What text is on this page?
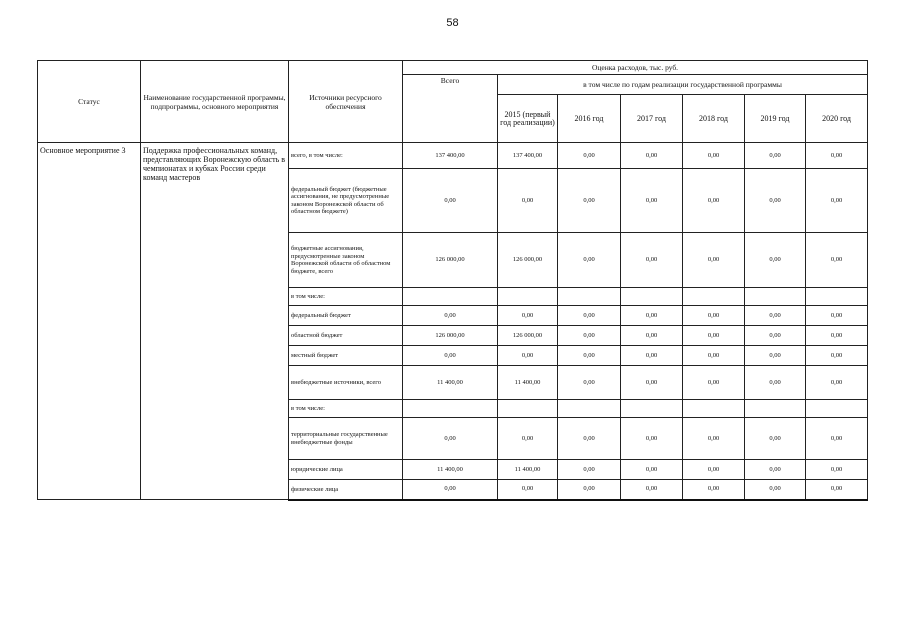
58
Статус	Наименование государственной программы, подпрограммы, основного мероприятия	Источники ресурсного обеспечения	Оценка расходов, тыс. руб.						
			Всего	в том числе по годам реализации государственной программы					
				2015 (первый год реализации)	2016 год	2017 год	2018 год	2019 год	2020 год
Основное мероприятие 3	Поддержка профессиональных команд, представляющих Воронежскую область в чемпионатах и кубках России среди команд мастеров	всего, в том числе:	137 400,00	137 400,00	0,00	0,00	0,00	0,00	0,00
		федеральный бюджет (бюджетные ассигнования, не предусмотренные законом Воронежской области об областном бюджете)	0,00	0,00	0,00	0,00	0,00	0,00	0,00
		бюджетные ассигнования, предусмотренные законом Воронежской области об областном бюджете, всего	126 000,00	126 000,00	0,00	0,00	0,00	0,00	0,00
		в том числе:							
		федеральный бюджет	0,00	0,00	0,00	0,00	0,00	0,00	0,00
		областной бюджет	126 000,00	126 000,00	0,00	0,00	0,00	0,00	0,00
		местный бюджет	0,00	0,00	0,00	0,00	0,00	0,00	0,00
		внебюджетные источники, всего	11 400,00	11 400,00	0,00	0,00	0,00	0,00	0,00
		в том числе:							
		территориальные государственные внебюджетные фонды	0,00	0,00	0,00	0,00	0,00	0,00	0,00
		юридические лица	11 400,00	11 400,00	0,00	0,00	0,00	0,00	0,00
		физические лица	0,00	0,00	0,00	0,00	0,00	0,00	0,00
